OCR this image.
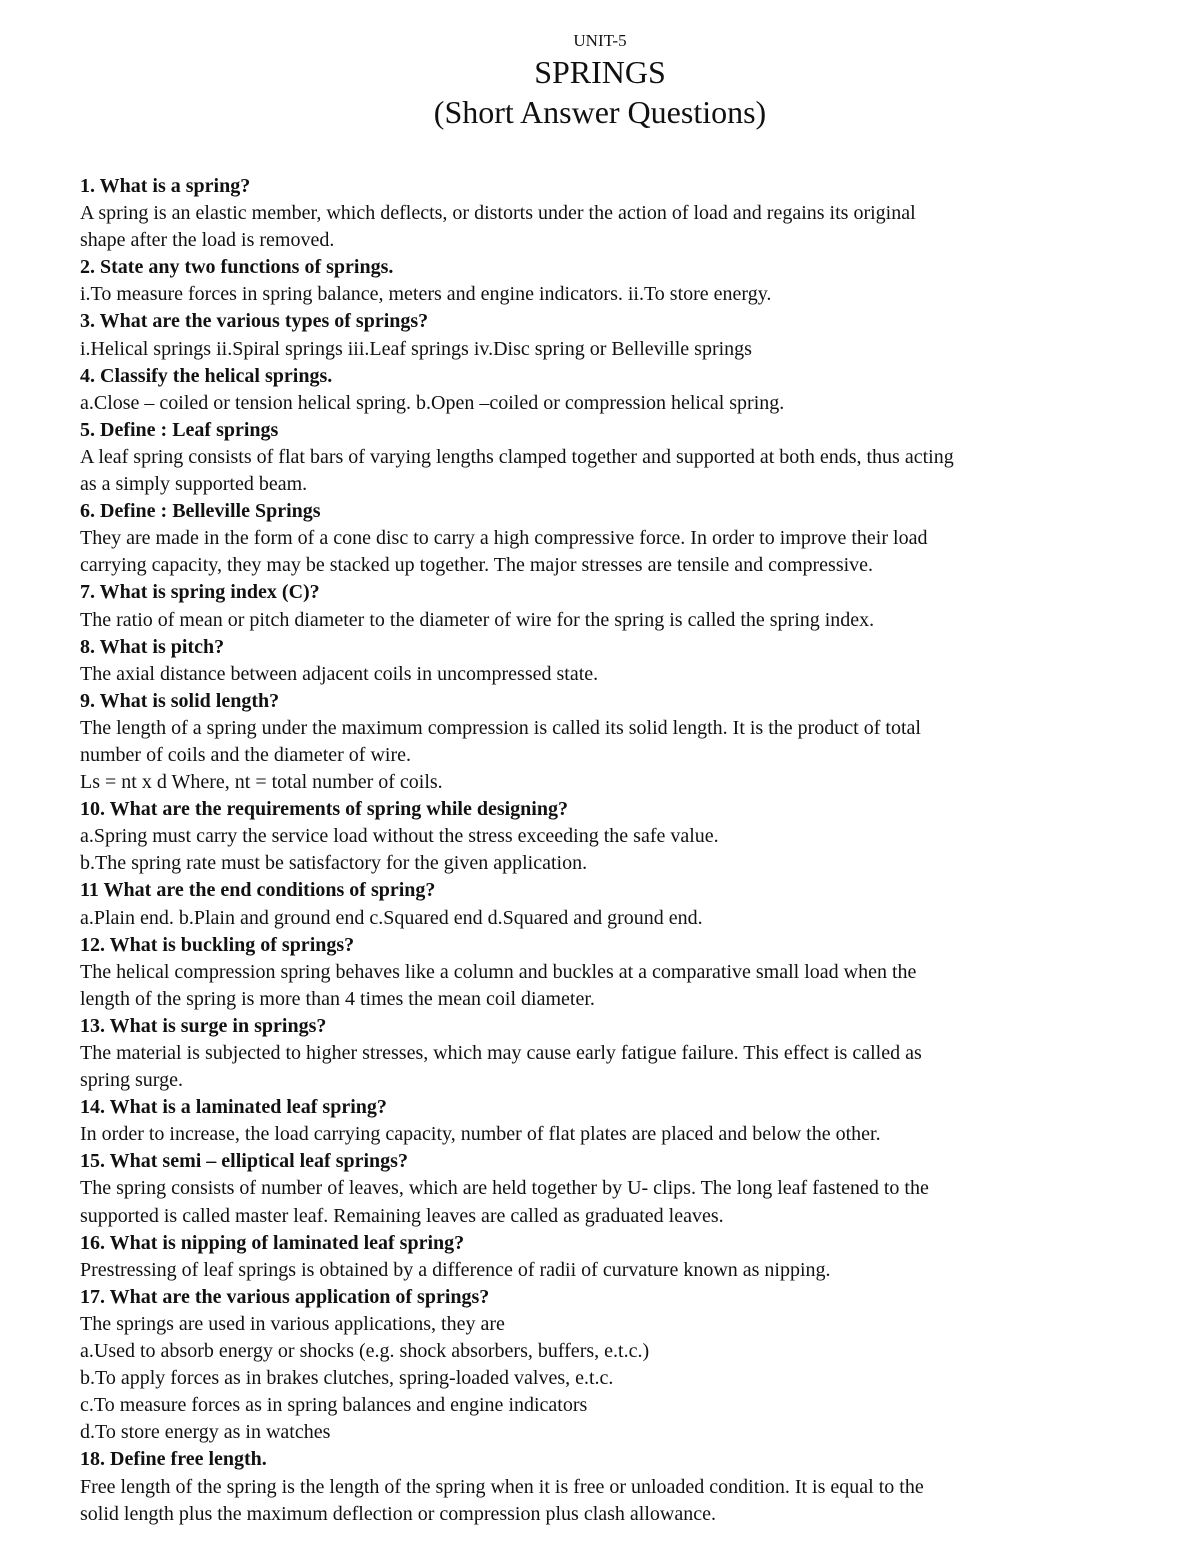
UNIT-5
SPRINGS
(Short Answer Questions)
1. What is a spring?
A spring is an elastic member, which deflects, or distorts under the action of load and regains its original
shape after the load is removed.
2. State any two functions of springs.
i.To measure forces in spring balance, meters and engine indicators. ii.To store energy.
3. What are the various types of springs?
i.Helical springs ii.Spiral springs iii.Leaf springs iv.Disc spring or Belleville springs
4. Classify the helical springs.
a.Close – coiled or tension helical spring. b.Open –coiled or compression helical spring.
5. Define : Leaf springs
A leaf spring consists of flat bars of varying lengths clamped together and supported at both ends, thus acting
as a simply supported beam.
6. Define : Belleville Springs
They are made in the form of a cone disc to carry a high compressive force. In order to improve their load
carrying capacity, they may be stacked up together. The major stresses are tensile and compressive.
7. What is spring index (C)?
The ratio of mean or pitch diameter to the diameter of wire for the spring is called the spring index.
8. What is pitch?
The axial distance between adjacent coils in uncompressed state.
9. What is solid length?
The length of a spring under the maximum compression is called its solid length. It is the product of total
number of coils and the diameter of wire.
Ls = nt x d Where, nt = total number of coils.
10. What are the requirements of spring while designing?
a.Spring must carry the service load without the stress exceeding the safe value.
b.The spring rate must be satisfactory for the given application.
11 What are the end conditions of spring?
a.Plain end. b.Plain and ground end c.Squared end d.Squared and ground end.
12. What is buckling of springs?
The helical compression spring behaves like a column and buckles at a comparative small load when the
length of the spring is more than 4 times the mean coil diameter.
13. What is surge in springs?
The material is subjected to higher stresses, which may cause early fatigue failure. This effect is called as
spring surge.
14. What is a laminated leaf spring?
In order to increase, the load carrying capacity, number of flat plates are placed and below the other.
15. What semi – elliptical leaf springs?
The spring consists of number of leaves, which are held together by U- clips. The long leaf fastened to the
supported is called master leaf. Remaining leaves are called as graduated leaves.
16. What is nipping of laminated leaf spring?
Prestressing of leaf springs is obtained by a difference of radii of curvature known as nipping.
17. What are the various application of springs?
The springs are used in various applications, they are
a.Used to absorb energy or shocks (e.g. shock absorbers, buffers, e.t.c.)
b.To apply forces as in brakes clutches, spring-loaded valves, e.t.c.
c.To measure forces as in spring balances and engine indicators
d.To store energy as in watches
18. Define free length.
Free length of the spring is the length of the spring when it is free or unloaded condition. It is equal to the
solid length plus the maximum deflection or compression plus clash allowance.
